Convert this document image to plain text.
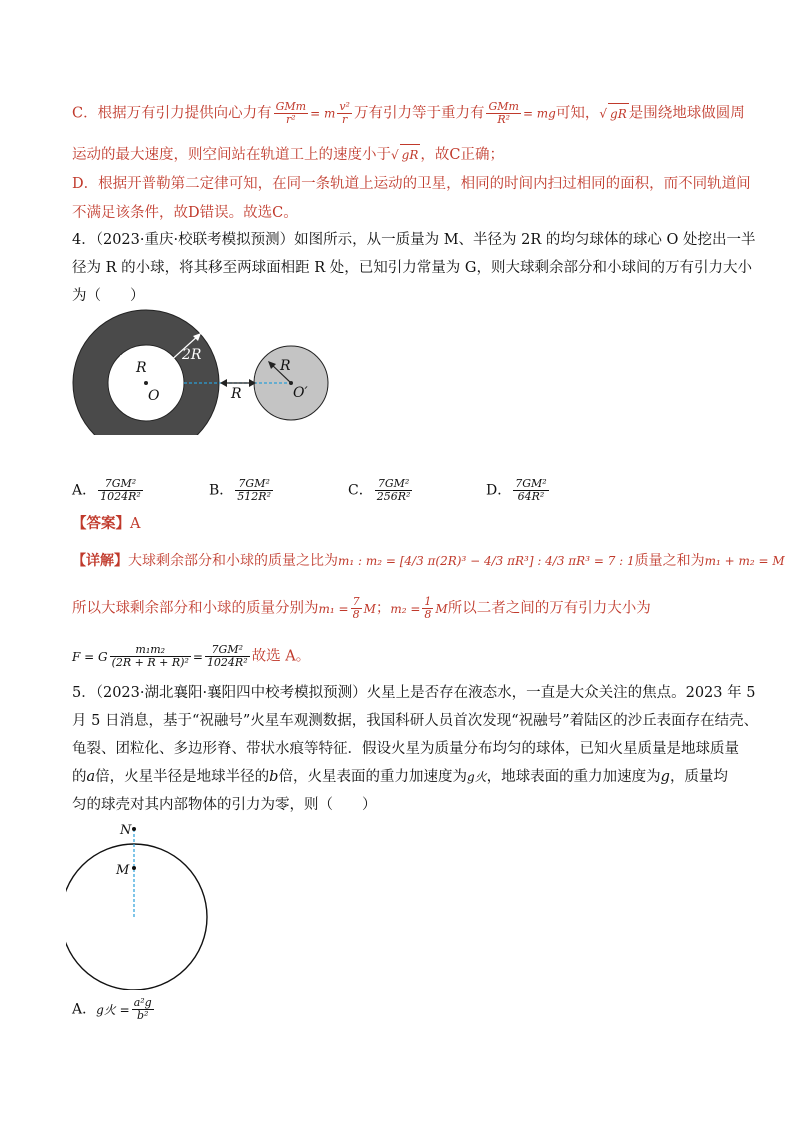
C．根据万有引力提供向心力有 $\frac{\text{GMm}}{\text{r²}} = m \frac{\text{v²}}{r}$ 万有引力等于重力有 $\frac{\text{GMm}}{\text{R²}}$ = mg可知，√ gR 是围绕地球做圆周
运动的最大速度，则空间站在轨道工上的速度小于√ gR ，故C正确；
D．根据开普勒第二定律可知，在同一条轨道上运动的卫星，相同的时间内扫过相同的面积，而不同轨道间
不满足该条件，故D错误。故选C。
4．（2023·重庆·校联考模拟预测）如图所示，从一质量为 M、半径为 2R 的均匀球体的球心 O 处挖出一半
径为 R 的小球，将其移至两球面相距 R 处，已知引力常量为 G，则大球剩余部分和小球间的万有引力大小
为（　　）
R
2R
O	R
R
O′
A． $\frac{\text{7GM²}}{\text{1024R²}}$	B． $\frac{\text{7GM²}}{\text{512R²}}$	C． $\frac{\text{7GM²}}{\text{256R²}}$	D． $\frac{\text{7GM²}}{\text{64R²}}$
【答案】A
【详解】大球剩余部分和小球的质量之比为m₁ : m₂ = [4/3 π(2R)³ − 4/3 πR³] : 4/3 πR³ = 7 : 1质量之和为m₁ + m₂ = M
所以大球剩余部分和小球的质量分别为$m_1 = \frac{7}{8}$ M；$m_2 = \frac{1}{8}$ M所以二者之间的万有引力大小为
F = G $\frac{\text{m₁m₂}}{\text{(2R + R + R)²}} = \frac{\text{7GM²}}{\text{1024R²}}$ 故选 A。
5．（2023·湖北襄阳·襄阳四中校考模拟预测）火星上是否存在液态水，一直是大众关注的焦点。2023 年 5
月 5 日消息，基于“祝融号”火星车观测数据，我国科研人员首次发现“祝融号”着陆区的沙丘表面存在结壳、
龟裂、团粒化、多边形脊、带状水痕等特征．假设火星为质量分布均匀的球体，已知火星质量是地球质量
的a倍，火星半径是地球半径的b倍，火星表面的重力加速度为g火，地球表面的重力加速度为g，质量均
匀的球壳对其内部物体的引力为零，则（　　）
N
M
A．g火 = $\frac{\text{a²g}}{\text{b²}}$
